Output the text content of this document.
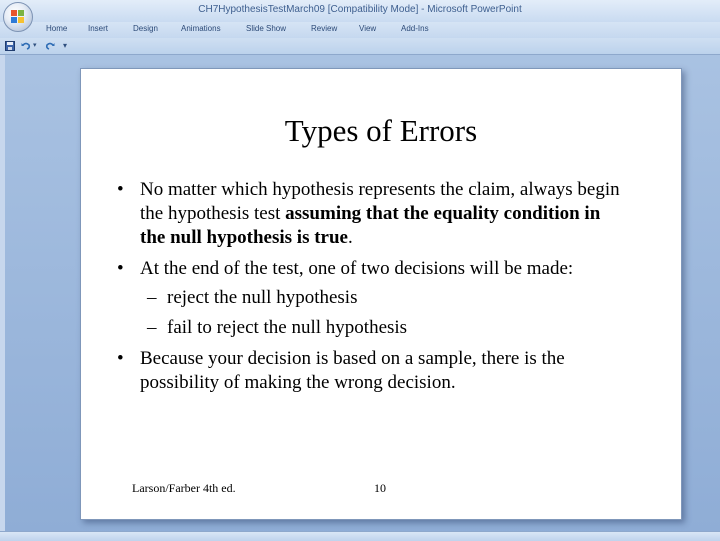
CH7HypothesisTestMarch09 [Compatibility Mode] - Microsoft PowerPoint
Home	Insert	Design	Animations	Slide Show	Review	View	Add-Ins
▾	▾
Types of Errors
• No matter which hypothesis represents the claim, always begin
the hypothesis test assuming that the equality condition in
the null hypothesis is true.
• At the end of the test, one of two decisions will be made:
– reject the null hypothesis
– fail to reject the null hypothesis
• Because your decision is based on a sample, there is the
possibility of making the wrong decision.
Larson/Farber 4th ed.	10
